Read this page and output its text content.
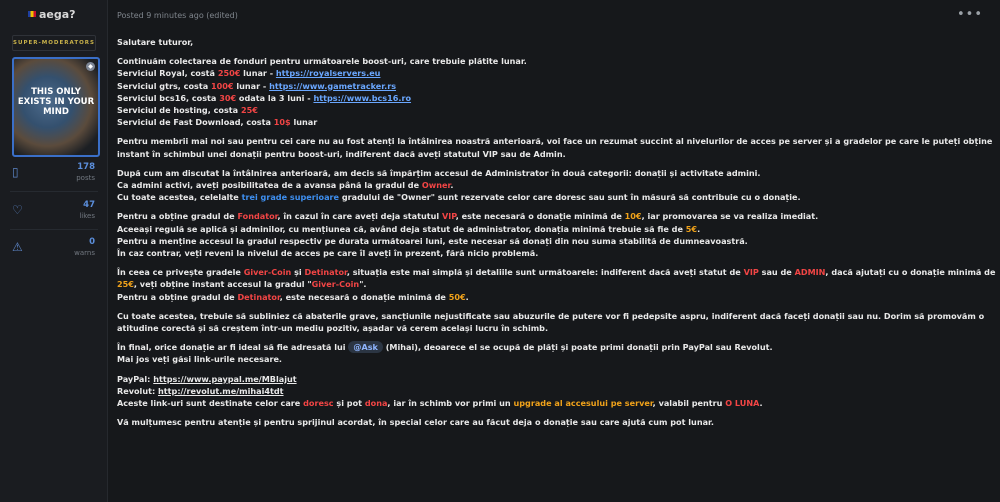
aega?
SUPER-MODERATORS
◆
THIS ONLY EXISTS IN YOUR MIND
▯	178
posts
♡	47
likes
⚠	0
warns
Posted 9 minutes ago (edited)	•••

Salutare tuturor,

Continuăm colectarea de fonduri pentru următoarele boost-uri, care trebuie plătite lunar.
Serviciul Royal, costă 250€ lunar - https://royalservers.eu
Serviciul gtrs, costa 100€ lunar - https://www.gametracker.rs
Serviciul bcs16, costa 30€ odata la 3 luni - https://www.bcs16.ro
Serviciul de hosting, costa 25€
Serviciul de Fast Download, costa 10$ lunar

Pentru membrii mai noi sau pentru cei care nu au fost atenți la întâlnirea noastră anterioară, voi face un rezumat succint al nivelurilor de acces pe server și a gradelor pe care le puteți obține instant în schimbul unei donații pentru boost-uri, indiferent dacă aveți statutul VIP sau de Admin.

După cum am discutat la întâlnirea anterioară, am decis să împărțim accesul de Administrator în două categorii: donații și activitate admini.
Ca admini activi, aveți posibilitatea de a avansa până la gradul de Owner.
Cu toate acestea, celelalte trei grade superioare gradului de "Owner" sunt rezervate celor care doresc sau sunt în măsură să contribuie cu o donație.

Pentru a obține gradul de Fondator, în cazul în care aveți deja statutul VIP, este necesară o donație minimă de 10€, iar promovarea se va realiza imediat.
Aceeași regulă se aplică și adminilor, cu mențiunea că, având deja statut de administrator, donația minimă trebuie să fie de 5€.
Pentru a menține accesul la gradul respectiv pe durata următoarei luni, este necesar să donați din nou suma stabilită de dumneavoastră.
În caz contrar, veți reveni la nivelul de acces pe care îl aveți în prezent, fără nicio problemă.

În ceea ce privește gradele Giver-Coin și Detinator, situația este mai simplă și detaliile sunt următoarele: indiferent dacă aveți statut de VIP sau de ADMIN, dacă ajutați cu o donație minimă de 25€, veți obține instant accesul la gradul "Giver-Coin".
Pentru a obține gradul de Detinator, este necesară o donație minimă de 50€.

Cu toate acestea, trebuie să subliniez că abaterile grave, sancțiunile nejustificate sau abuzurile de putere vor fi pedepsite aspru, indiferent dacă faceți donații sau nu. Dorim să promovăm o atitudine corectă și să creștem într-un mediu pozitiv, așadar vă cerem același lucru în schimb.

În final, orice donație ar fi ideal să fie adresată lui @Ask (Mihai), deoarece el se ocupă de plăți și poate primi donații prin PayPal sau Revolut.
Mai jos veți găsi link-urile necesare.

PayPal: https://www.paypal.me/MBlajut
Revolut: http://revolut.me/mihai4tdt
Aceste link-uri sunt destinate celor care doresc și pot dona, iar în schimb vor primi un upgrade al accesului pe server, valabil pentru O LUNA.

Vă mulțumesc pentru atenție și pentru sprijinul acordat, în special celor care au făcut deja o donație sau care ajută cum pot lunar.
